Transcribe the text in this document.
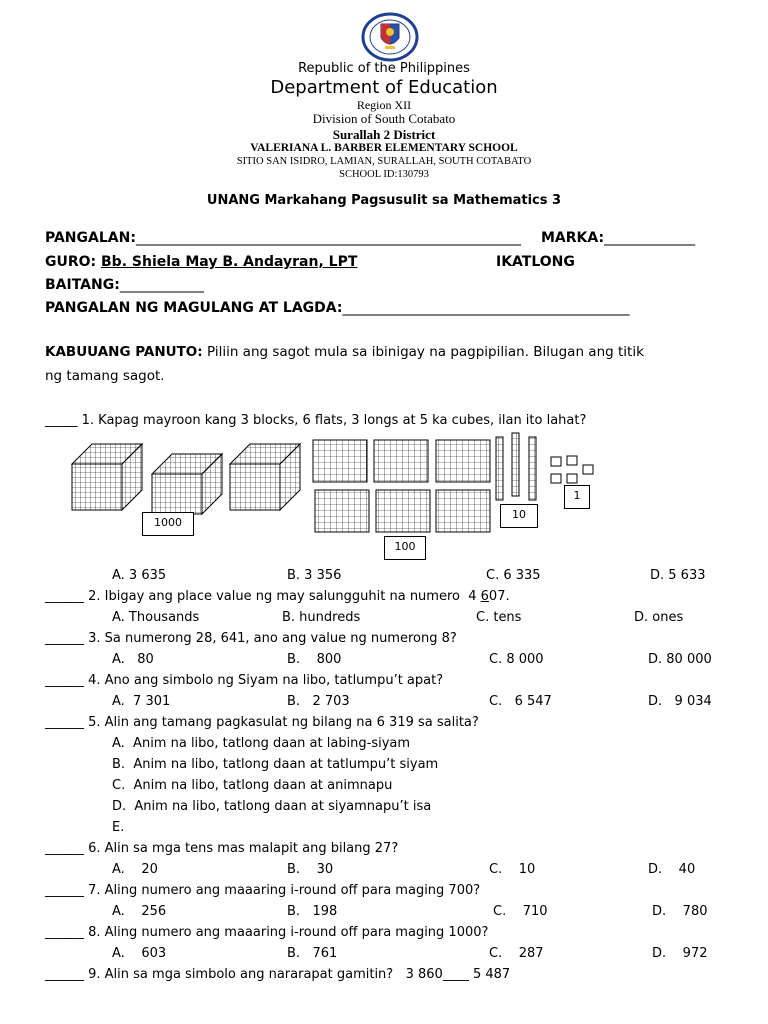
Republic of the Philippines
Department of Education
Region XII
Division of South Cotabato
Surallah 2 District
VALERIANA L. BARBER ELEMENTARY SCHOOL
SITIO SAN ISIDRO, LAMIAN, SURALLAH, SOUTH COTABATO
SCHOOL ID:130793
UNANG Markahang Pagsusulit sa Mathematics 3
PANGALAN:_______________________________________________________ MARKA:_____________
GURO: Bb. Shiela May B. Andayran, LPT	IKATLONG
BAITANG:____________
PANGALAN NG MAGULANG AT LAGDA:_________________________________________
KABUUANG PANUTO: Piliin ang sagot mula sa ibinigay na pagpipilian. Bilugan ang titik
ng tamang sagot.
_____ 1. Kapag mayroon kang 3 blocks, 6 flats, 3 longs at 5 ka cubes, ilan ito lahat?
1000
100
10
1
A. 3 635	B. 3 356	C. 6 335	D. 5 633
______ 2. Ibigay ang place value ng may salungguhit na numero  4 607.
A. Thousands	B. hundreds	C. tens	D. ones
______ 3. Sa numerong 28, 641, ano ang value ng numerong 8?
A.   80	B.    800	C. 8 000	D. 80 000
______ 4. Ano ang simbolo ng Siyam na libo, tatlumpu’t apat?
A.  7 301	B.   2 703	C.   6 547	D.   9 034
______ 5. Alin ang tamang pagkasulat ng bilang na 6 319 sa salita?
A.  Anim na libo, tatlong daan at labing-siyam
B.  Anim na libo, tatlong daan at tatlumpu’t siyam
C.  Anim na libo, tatlong daan at animnapu
D.  Anim na libo, tatlong daan at siyamnapu’t isa
E.
______ 6. Alin sa mga tens mas malapit ang bilang 27?
A.    20	B.    30	C.    10	D.    40
______ 7. Aling numero ang maaaring i-round off para maging 700?
A.    256	B.   198	C.    710	D.    780
______ 8. Aling numero ang maaaring i-round off para maging 1000?
A.    603	B.   761	C.    287	D.    972
______ 9. Alin sa mga simbolo ang nararapat gamitin?   3 860____ 5 487
